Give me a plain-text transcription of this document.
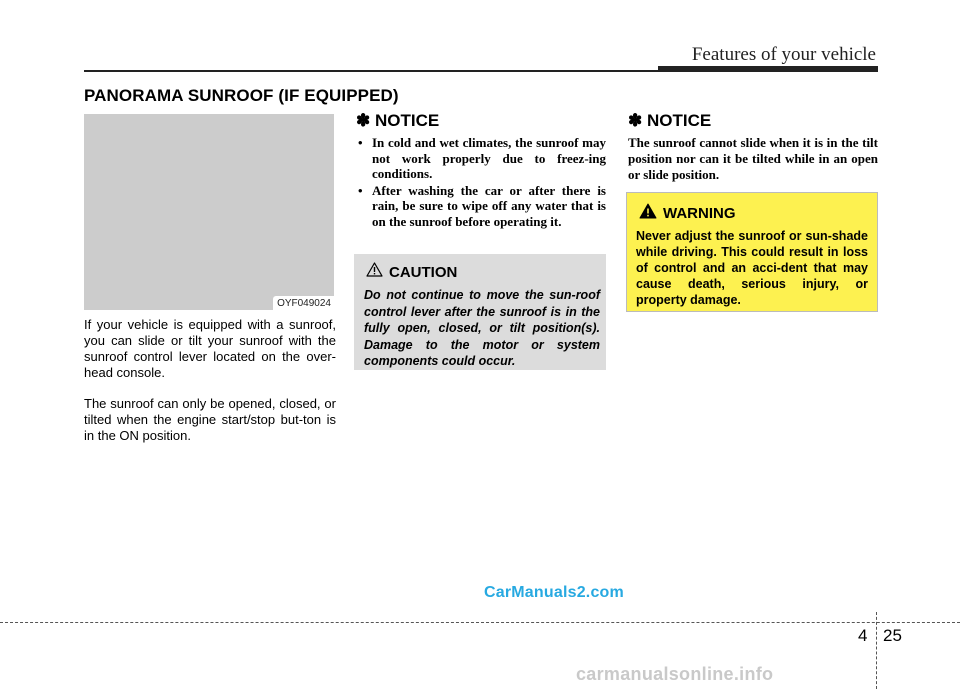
Features of your vehicle
PANORAMA SUNROOF (IF EQUIPPED)
OYF049024

If your vehicle is equipped with a sunroof, you can slide or tilt your sunroof with the sunroof control lever located on the over-head console.

The sunroof can only be opened, closed, or tilted when the engine start/stop but-ton is in the ON position.

✽ NOTICE
• In cold and wet climates, the sunroof may not work properly due to freez-ing conditions.
• After washing the car or after there is rain, be sure to wipe off any water that is on the sunroof before operating it.
CAUTION

Do not continue to move the sun-roof control lever after the sunroof is in the fully open, closed, or tilt position(s). Damage to the motor or system components could occur.

✽ NOTICE

The sunroof cannot slide when it is in the tilt position nor can it be tilted while in an open or slide position.

WARNING

Never adjust the sunroof or sun-shade while driving. This could result in loss of control and an acci-dent that may cause death, serious injury, or property damage.

CarManuals2.com
4 25
carmanualsonline.info
